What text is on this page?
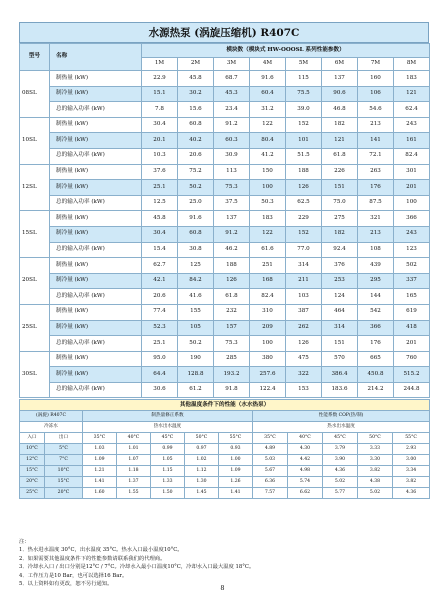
水源热泵 (涡旋压缩机) R407C
型号	名称	模块数（模块式 HW-OOOSL 系列性能参数）							
		1M	2M	3M	4M	5M	6M	7M	8M
08SL	制热量 (kW)	22.9	45.8	68.7	91.6	115	137	160	183
	制冷量 (kW)	15.1	30.2	45.3	60.4	75.5	90.6	106	121
	总的输入功率 (kW)	7.8	15.6	23.4	31.2	39.0	46.8	54.6	62.4
10SL	制热量 (kW)	30.4	60.8	91.2	122	152	182	213	243
	制冷量 (kW)	20.1	40.2	60.3	80.4	101	121	141	161
	总的输入功率 (kW)	10.3	20.6	30.9	41.2	51.5	61.8	72.1	82.4
12SL	制热量 (kW)	37.6	75.2	113	150	188	226	263	301
	制冷量 (kW)	25.1	50.2	75.3	100	126	151	176	201
	总的输入功率 (kW)	12.5	25.0	37.5	50.3	62.5	75.0	87.5	100
15SL	制热量 (kW)	45.8	91.6	137	183	229	275	321	366
	制冷量 (kW)	30.4	60.8	91.2	122	152	182	213	243
	总的输入功率 (kW)	15.4	30.8	46.2	61.6	77.0	92.4	108	123
20SL	制热量 (kW)	62.7	125	188	251	314	376	439	502
	制冷量 (kW)	42.1	84.2	126	168	211	253	295	337
	总的输入功率 (kW)	20.6	41.6	61.8	82.4	103	124	144	165
25SL	制热量 (kW)	77.4	155	232	310	387	464	542	619
	制冷量 (kW)	52.3	105	157	209	262	314	366	418
	总的输入功率 (kW)	25.1	50.2	75.3	100	126	151	176	201
30SL	制热量 (kW)	95.0	190	285	380	475	570	665	760
	制冷量 (kW)	64.4	128.8	193.2	257.6	322	386.4	450.8	515.2
	总的输入功率 (kW)	30.6	61.2	91.8	122.4	153	183.6	214.2	244.8
其他温度条件下的性能（水水热泵）											
(涡旋) R407C		制热量修正系数					性能系数 COP(热/制)				
冷冻水		热水出水温度					热水出水温度				
入口	出口	35°C	40°C	45°C	50°C	55°C	35°C	40°C	45°C	50°C	55°C
10°C	5°C	1.03	1.01	0.99	0.97	0.93	4.89	4.30	3.79	3.33	2.93
12°C	7°C	1.09	1.07	1.05	1.02	1.00	5.03	4.42	3.90	3.30	3.00
15°C	10°C	1.21	1.18	1.15	1.12	1.09	5.67	4.98	4.36	3.82	3.34
20°C	15°C	1.41	1.37	1.33	1.30	1.26	6.36	5.74	5.02	4.38	3.82
25°C	20°C	1.60	1.55	1.50	1.45	1.41	7.57	6.62	5.77	5.02	4.36
注：
1．热水进水温度 30°C，出水温度 35°C。热水入口最小温度10°C。
2．如果需要其他温度条件下的性能参数请联系我们的代理商。
3．冷却水入口 / 出口分别是12°C / 7°C。冷却水入最小口温度10°C，冷却水入口最大温度 18°C。
4．工作压力是10 Bar，也可以选择16 Bar。
5．以上资料如有更改，恕不另行通知。	8
